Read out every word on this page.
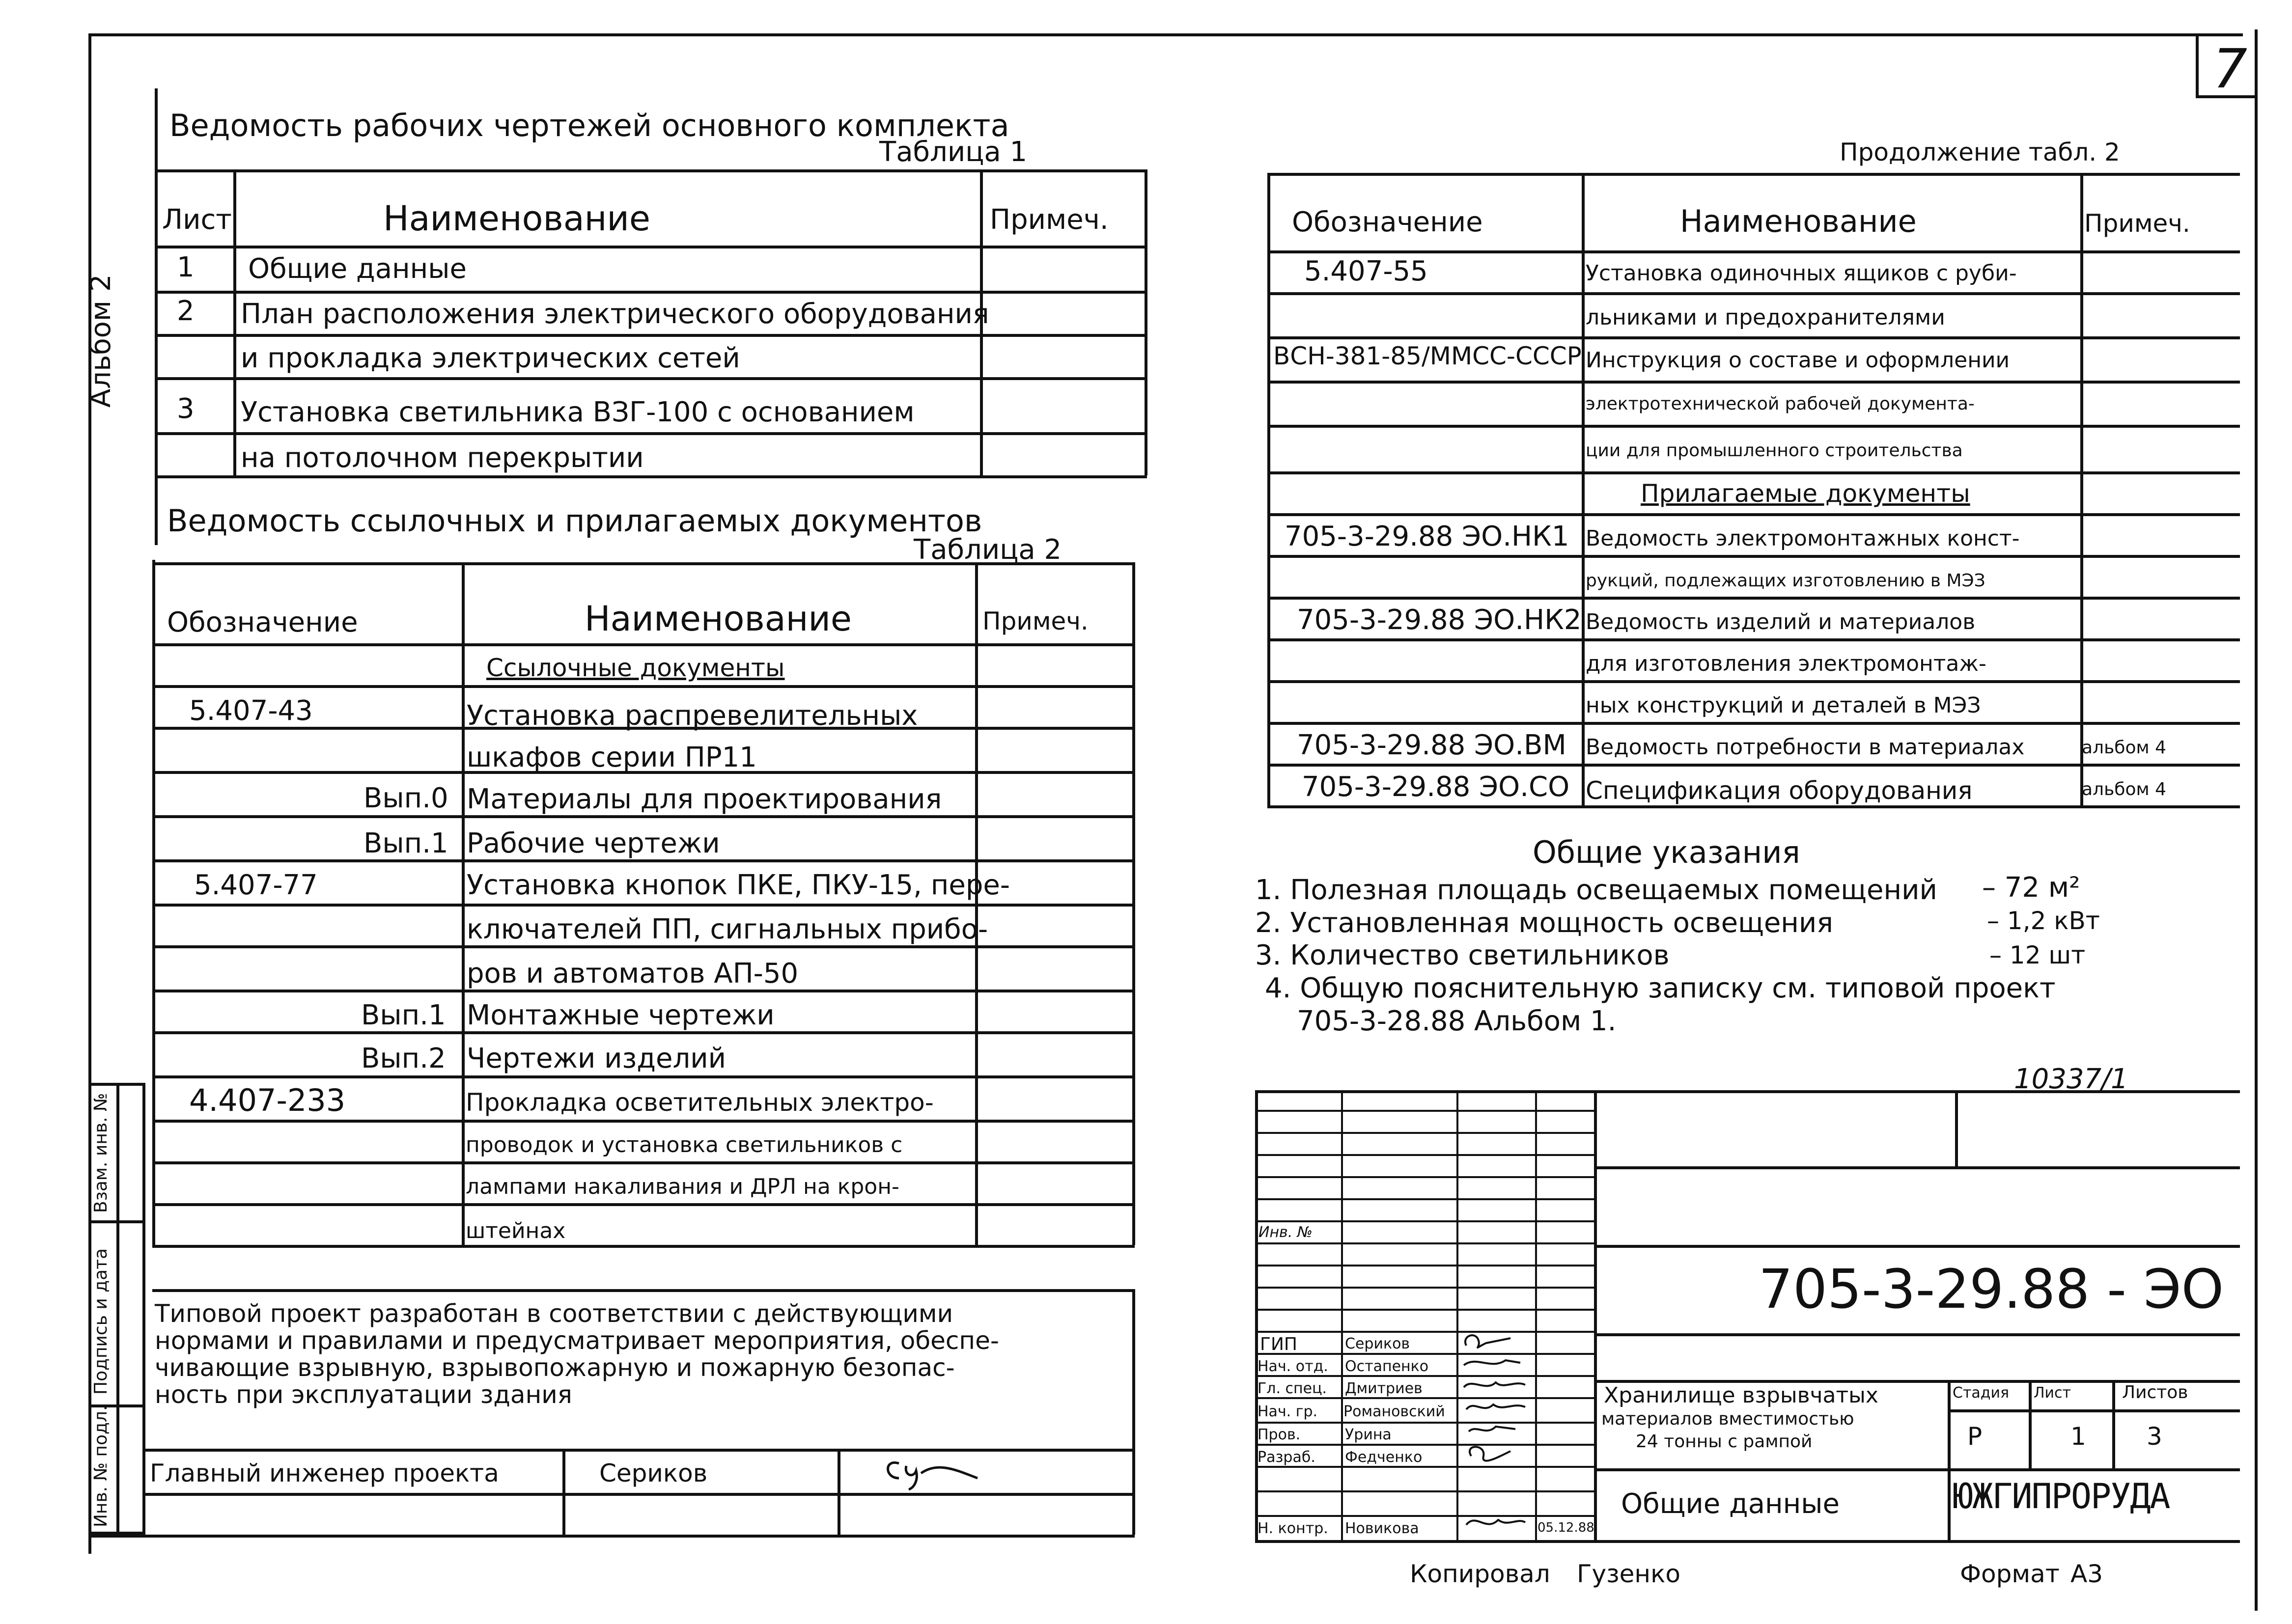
7
Альбом 2
Ведомость рабочих чертежей основного комплекта
Таблица 1
Лист	Наименование	Примеч.
1 Общие данные
2 План расположения электрического оборудования
и прокладка электрических сетей
3 Установка светильника ВЗГ-100 с основанием
на потолочном перекрытии
Ведомость ссылочных и прилагаемых документов
Таблица 2
Обозначение	Наименование	Примеч.
Ссылочные документы
5.407-43	Установка распревелительных
шкафов серии ПР11
Вып.0 Материалы для проектирования
Вып.1 Рабочие чертежи
5.407-77	Установка кнопок ПКЕ, ПКУ-15, пере-
ключателей ПП, сигнальных прибо-
ров и автоматов АП-50
Вып.1 Монтажные чертежи
Вып.2 Чертежи изделий
4.407-233	Прокладка осветительных электро-
проводок и установка светильников с
лампами накаливания и ДРЛ на крон-
штейнах
Продолжение табл. 2
Обозначение	Наименование	Примеч.
5.407-55	Установка одиночных ящиков с руби-
льниками и предохранителями
ВСН-381-85/ММСС-СССР Инструкция о составе и оформлении
электротехнической рабочей документа-
ции для промышленного строительства
Прилагаемые документы
705-3-29.88 ЭО.НК1 Ведомость электромонтажных конст-
рукций, подлежащих изготовлению в МЭЗ
705-3-29.88 ЭО.НК2 Ведомость изделий и материалов
для изготовления электромонтаж-
ных конструкций и деталей в МЭЗ
705-3-29.88 ЭО.ВМ Ведомость потребности в материалах	альбом 4
705-3-29.88 ЭО.СО Спецификация оборудования	альбом 4
Общие указания
1. Полезная площадь освещаемых помещений – 72 м²
2. Установленная мощность освещения	– 1,2 кВт
3. Количество светильников	– 12 шт
4. Общую пояснительную записку см. типовой проект
705-3-28.88 Альбом 1.
10337/1
Типовой проект разработан в соответствии с действующими
нормами и правилами и предусматривает мероприятия, обеспе-
чивающие взрывную, взрывопожарную и пожарную безопас-
ность при эксплуатации здания
Главный инженер проекта	Сериков
Инв. № подл.
Подпись и дата
Взам. инв. №
Инв. №
ГИП	Сериков
Нач. отд. Остапенко
Гл. спец. Дмитриев
Нач. гр. Романовский
Пров.	Урина
Разраб. Федченко
Н. контр. Новикова	05.12.88
705-3-29.88 - ЭО
Хранилище взрывчатых
материалов вместимостью
24 тонны с рампой
Общие данные
Стадия Лист	Листов
Р	1 3
ЮЖГИПРОРУДА
Копировал Гузенко	Формат А3
